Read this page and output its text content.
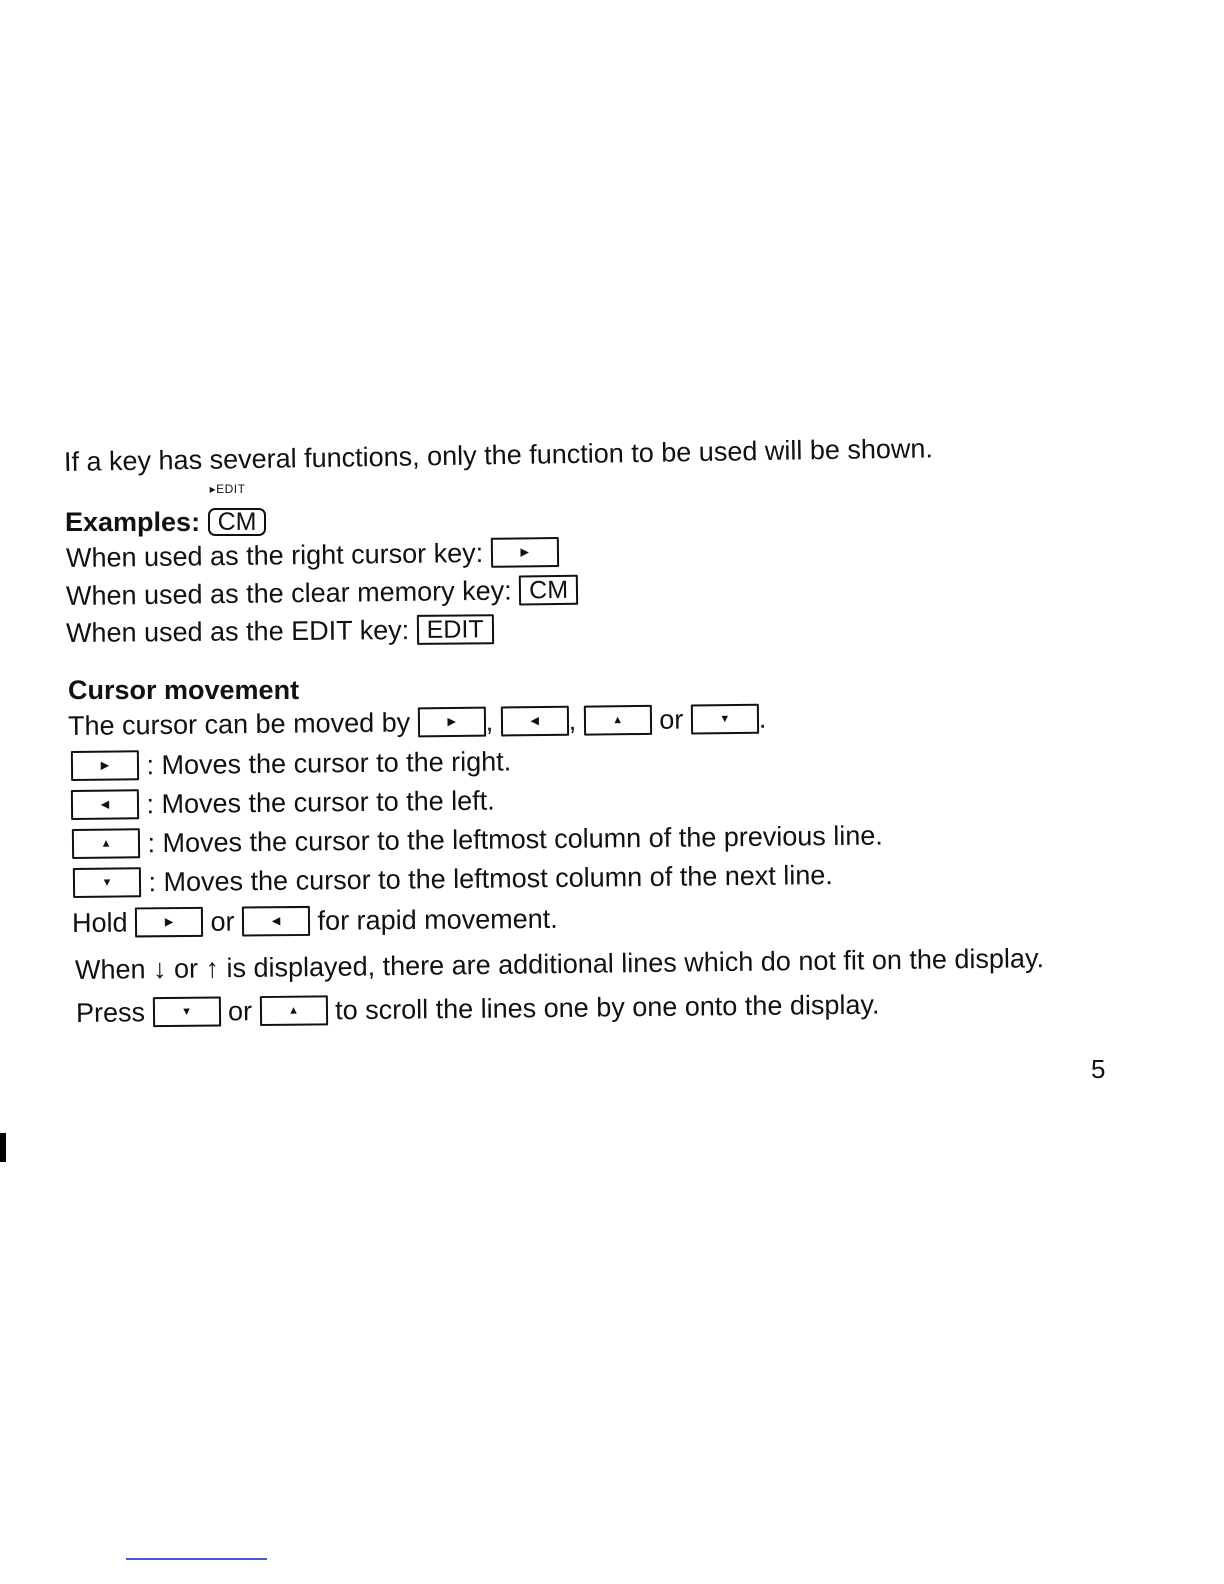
If a key has several functions, only the function to be used will be shown.
Examples:
▸EDIT
CM
When used as the right cursor key:	▶
When used as the clear memory key: CM
When used as the EDIT key: EDIT
Cursor movement
The cursor can be moved by	▶ ,	◀ ,	▲ or	▼ .
▶ : Moves the cursor to the right.
◀ : Moves the cursor to the left.
▲ : Moves the cursor to the leftmost column of the previous line.
▼ : Moves the cursor to the leftmost column of the next line.
Hold	▶ or	◀ for rapid movement.
When ↓ or ↑ is displayed, there are additional lines which do not fit on the display.
Press	▼ or	▲ to scroll the lines one by one onto the display.
5
